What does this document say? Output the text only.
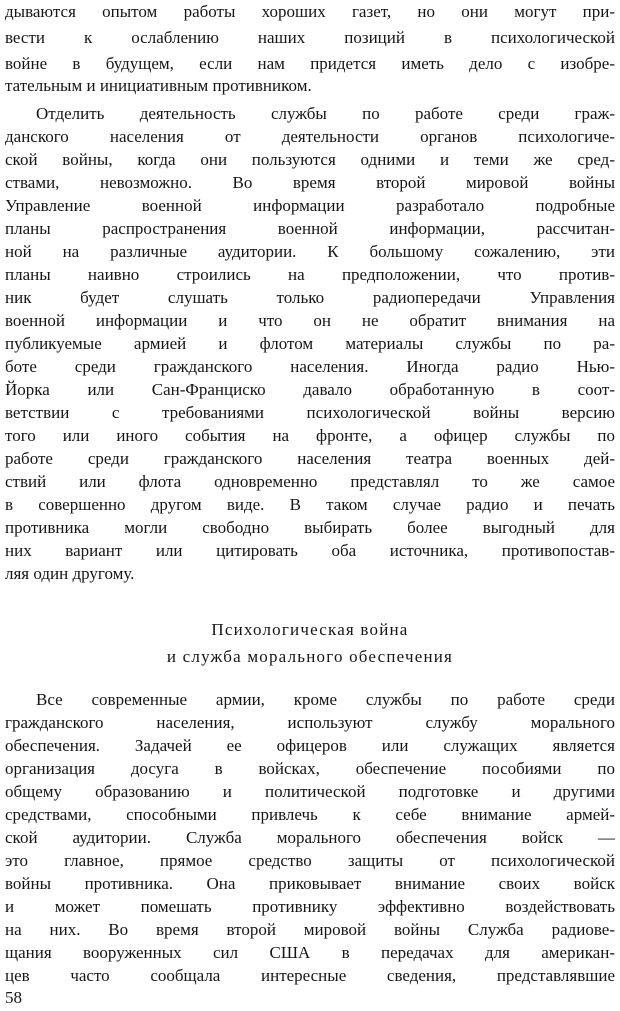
дываются опытом работы хороших газет, но они могут при-
вести к ослаблению наших позиций в психологической
войне в будущем, если нам придется иметь дело с изобре-
тательным и инициативным противником.
Отделить деятельность службы по работе среди граж-
данского населения от деятельности органов психологиче-
ской войны, когда они пользуются одними и теми же сред-
ствами, невозможно. Во время второй мировой войны
Управление военной информации разработало подробные
планы распространения военной информации, рассчитан-
ной на различные аудитории. К большому сожалению, эти
планы наивно строились на предположении, что против-
ник будет слушать только радиопередачи Управления
военной информации и что он не обратит внимания на
публикуемые армией и флотом материалы службы по ра-
боте среди гражданского населения. Иногда радио Нью-
Йорка или Сан-Франциско давало обработанную в соот-
ветствии с требованиями психологической войны версию
того или иного события на фронте, а офицер службы по
работе среди гражданского населения театра военных дей-
ствий или флота одновременно представлял то же самое
в совершенно другом виде. В таком случае радио и печать
противника могли свободно выбирать более выгодный для
них вариант или цитировать оба источника, противопостав-
ляя один другому.
Психологическая война
и служба морального обеспечения
Все современные армии, кроме службы по работе среди
гражданского населения, используют службу морального
обеспечения. Задачей ее офицеров или служащих является
организация досуга в войсках, обеспечение пособиями по
общему образованию и политической подготовке и другими
средствами, способными привлечь к себе внимание армей-
ской аудитории. Служба морального обеспечения войск —
это главное, прямое средство защиты от психологической
войны противника. Она приковывает внимание своих войск
и может помешать противнику эффективно воздействовать
на них. Во время второй мировой войны Служба радиове-
щания вооруженных сил США в передачах для американ-
цев часто сообщала интересные сведения, представлявшие
58
